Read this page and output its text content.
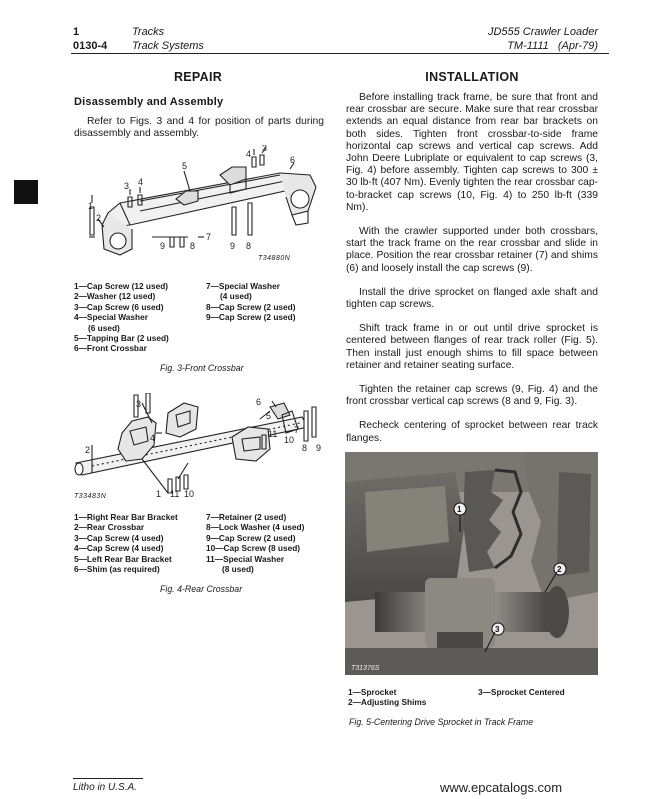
1
0130-4
Tracks
Track Systems
JD555 Crawler Loader
TM-1111 (Apr-79)
REPAIR
Disassembly and Assembly

Refer to Figs. 3 and 4 for position of parts during disassembly and assembly.

1
2
3 4
4
3
5
6
7
8
9	9 8
T34880N
1—Cap Screw (12 used)
2—Washer (12 used)
3—Cap Screw (6 used)
4—Special Washer
(6 used)
5—Tapping Bar (2 used)
6—Front Crossbar
7—Special Washer
(4 used)
8—Cap Screw (2 used)
9—Cap Screw (2 used)
Fig. 3-Front Crossbar
2
3
4
5
6
8
10
11
1 11 10
7
9
T33483N
1—Right Rear Bar Bracket
2—Rear Crossbar
3—Cap Screw (4 used)
4—Cap Screw (4 used)
5—Left Rear Bar Bracket
6—Shim (as required)
7—Retainer (2 used)
8—Lock Washer (4 used)
9—Cap Screw (2 used)
10—Cap Screw (8 used)
11—Special Washer
(8 used)
Fig. 4-Rear Crossbar
INSTALLATION

Before installing track frame, be sure that front and rear crossbar are secure. Make sure that rear crossbar extends an equal distance from rear bar brackets on both sides. Tighten front crossbar-to-side frame horizontal cap screws and vertical cap screws. Add John Deere Lubriplate or equivalent to cap screws (3, Fig. 4) before assembly. Tighten cap screws to 300 ± 30 lb-ft (407 Nm). Evenly tighten the rear crossbar cap-to-bracket cap screws (10, Fig. 4) to 250 lb-ft (339 Nm).

With the crawler supported under both crossbars, start the track frame on the rear crossbar and slide in place. Position the rear crossbar retainer (7) and shims (6) and loosely install the cap screws (9).

Install the drive sprocket on flanged axle shaft and tighten cap screws.

Shift track frame in or out until drive sprocket is centered between flanges of rear track roller (Fig. 5). Then install just enough shims to fill space between retainer and retainer seating surface.

Tighten the retainer cap screws (9, Fig. 4) and the front crossbar vertical cap screws (8 and 9, Fig. 3).

Recheck centering of sprocket between rear track flanges.

1
2
3
T31376S
1—Sprocket
2—Adjusting Shims
3—Sprocket Centered
Fig. 5-Centering Drive Sprocket in Track Frame
Litho in U.S.A.	www.epcatalogs.com
